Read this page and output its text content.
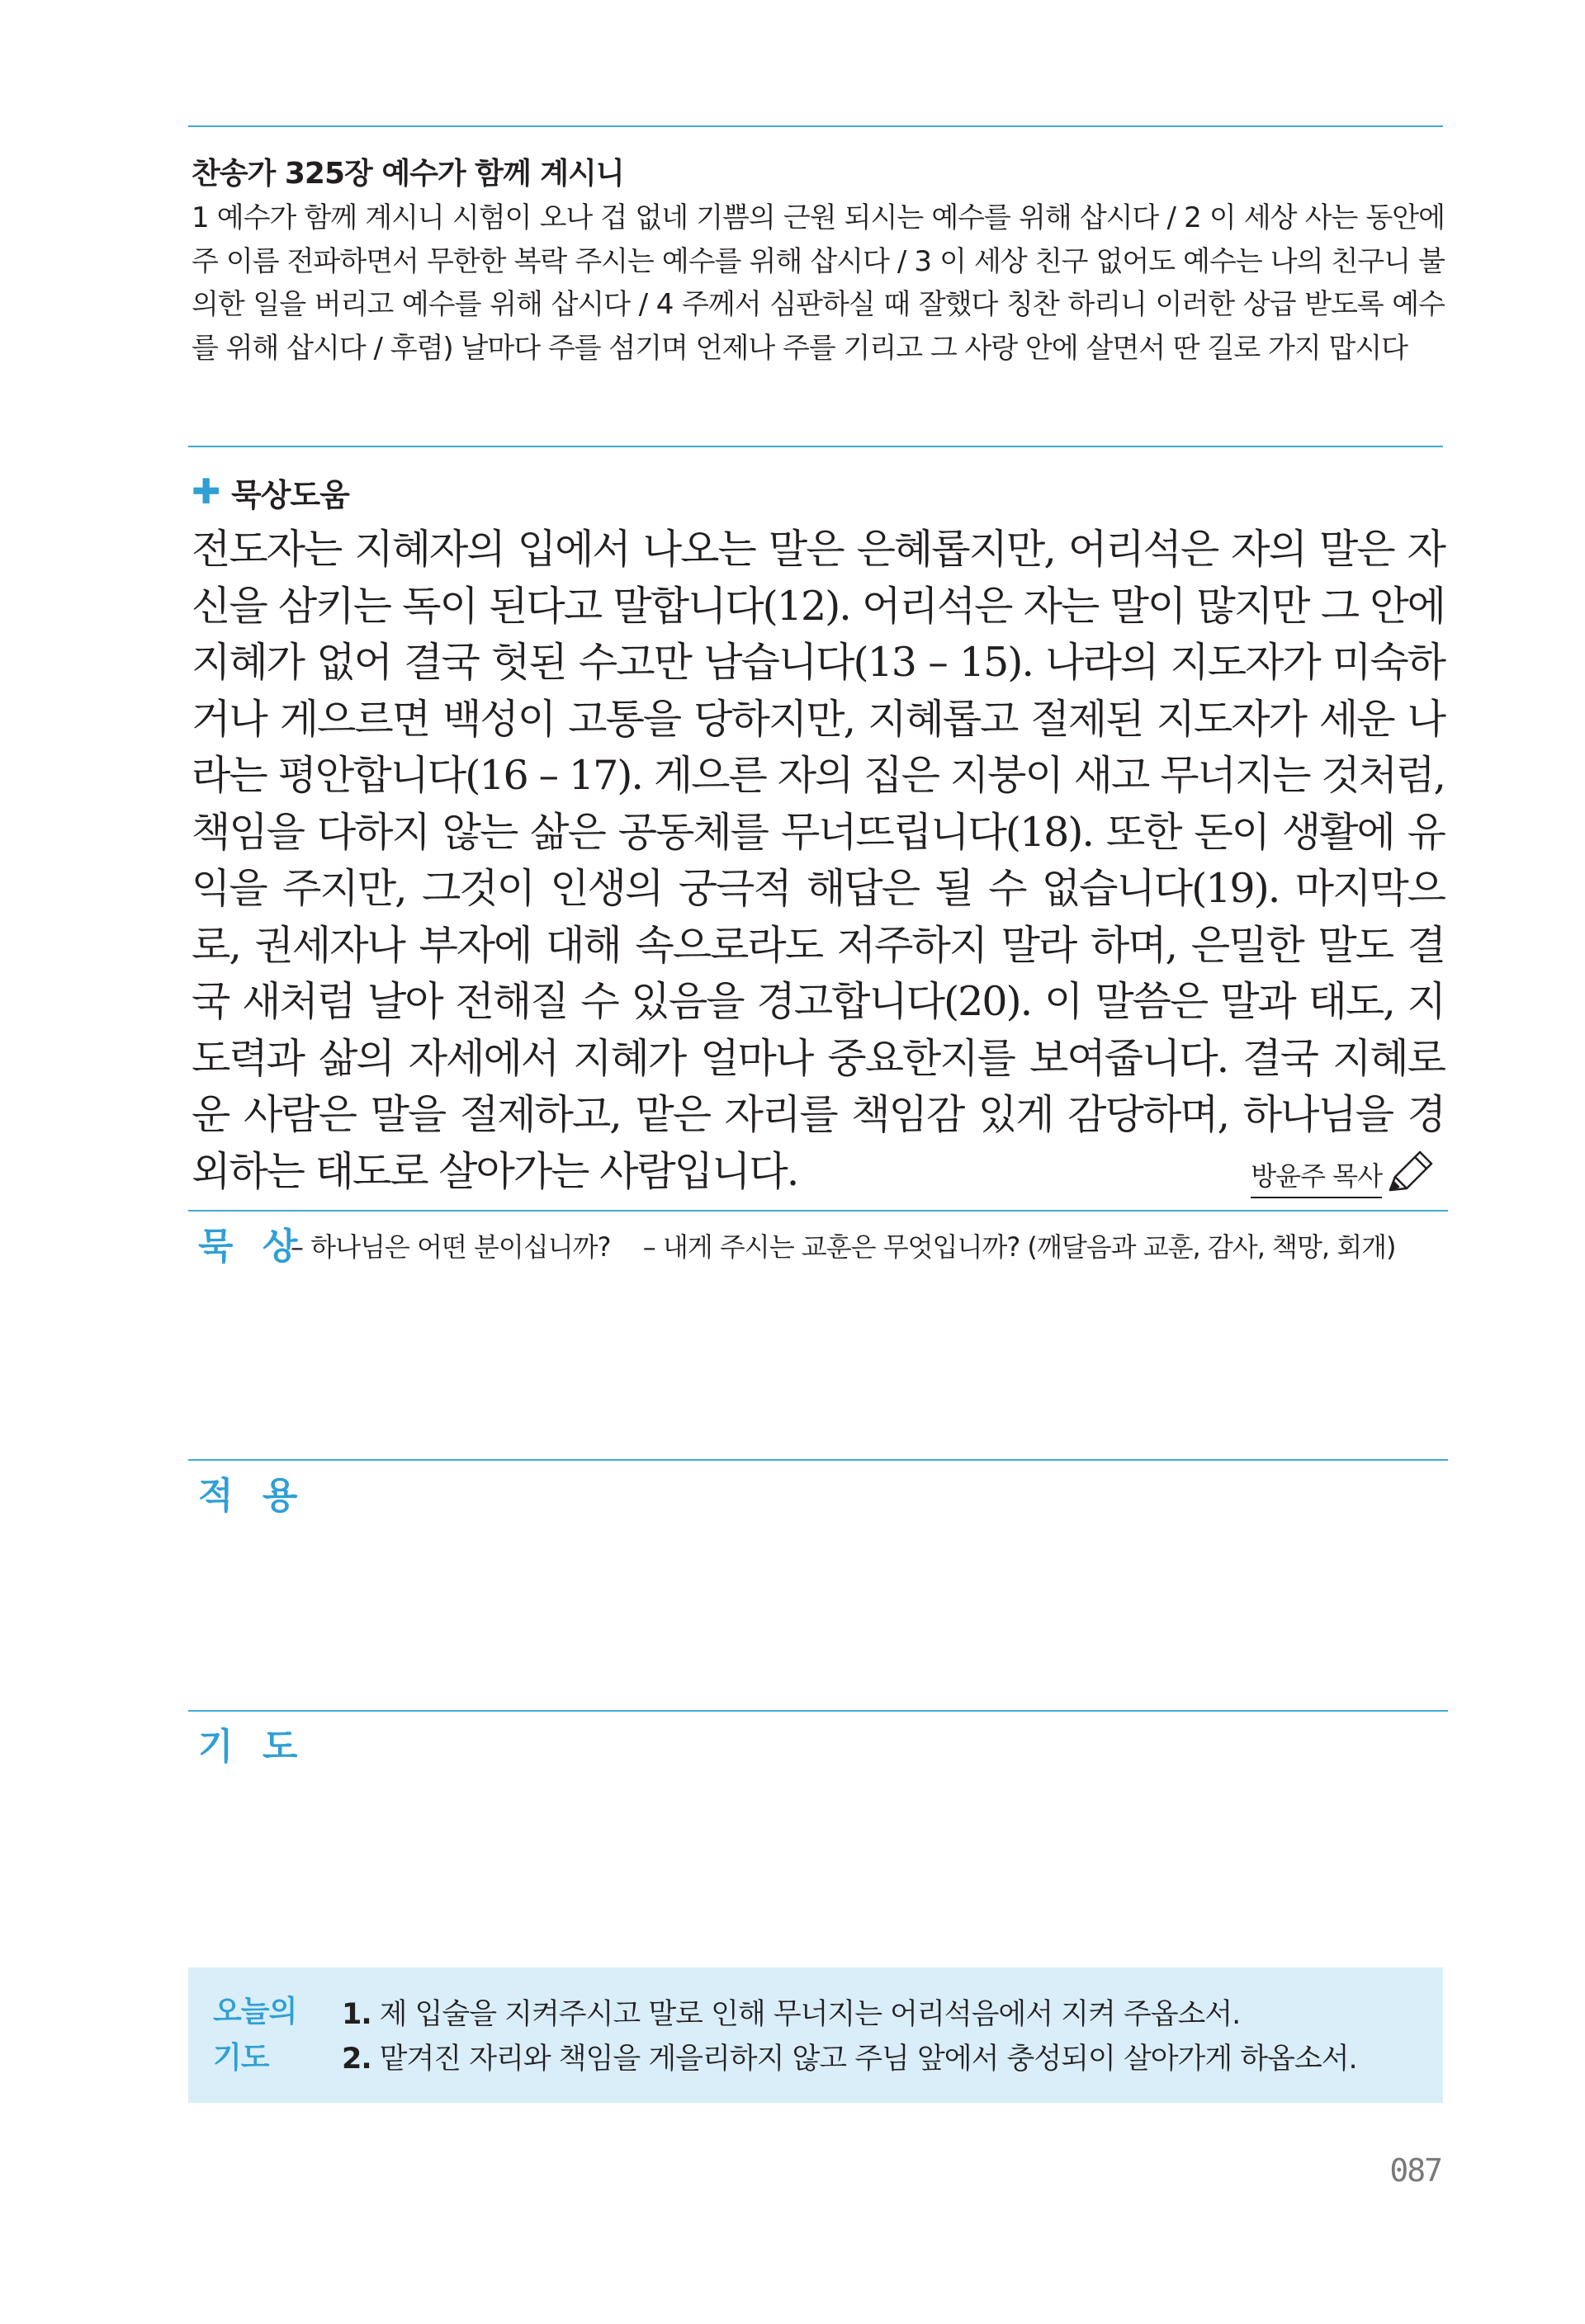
찬송가 325장 예수가 함께 계시니
1 예수가 함께 계시니 시험이 오나 겁 없네 기쁨의 근원 되시는 예수를 위해 삽시다 / 2 이 세상 사는 동안에 주 이름 전파하면서 무한한 복락 주시는 예수를 위해 삽시다 / 3 이 세상 친구 없어도 예수는 나의 친구니 불의한 일을 버리고 예수를 위해 삽시다 / 4 주께서 심판하실 때 잘했다 칭찬 하리니 이러한 상급 받도록 예수를 위해 삽시다 / 후렴) 날마다 주를 섬기며 언제나 주를 기리고 그 사랑 안에 살면서 딴 길로 가지 맙시다
✚ 묵상도움
전도자는 지혜자의 입에서 나오는 말은 은혜롭지만, 어리석은 자의 말은 자신을 삼키는 독이 된다고 말합니다(12). 어리석은 자는 말이 많지만 그 안에 지혜가 없어 결국 헛된 수고만 남습니다(13 – 15). 나라의 지도자가 미숙하거나 게으르면 백성이 고통을 당하지만, 지혜롭고 절제된 지도자가 세운 나라는 평안합니다(16 – 17). 게으른 자의 집은 지붕이 새고 무너지는 것처럼, 책임을 다하지 않는 삶은 공동체를 무너뜨립니다(18). 또한 돈이 생활에 유익을 주지만, 그것이 인생의 궁극적 해답은 될 수 없습니다(19). 마지막으로, 권세자나 부자에 대해 속으로라도 저주하지 말라 하며, 은밀한 말도 결국 새처럼 날아 전해질 수 있음을 경고합니다(20). 이 말씀은 말과 태도, 지도력과 삶의 자세에서 지혜가 얼마나 중요한지를 보여줍니다. 결국 지혜로운 사람은 말을 절제하고, 맡은 자리를 책임감 있게 감당하며, 하나님을 경외하는 태도로 살아가는 사람입니다.	방윤주 목사
묵 상
– 하나님은 어떤 분이십니까? – 내게 주시는 교훈은 무엇입니까? (깨달음과 교훈, 감사, 책망, 회개)
적 용
기 도
오늘의
기도
1. 제 입술을 지켜주시고 말로 인해 무너지는 어리석음에서 지켜 주옵소서.
2. 맡겨진 자리와 책임을 게을리하지 않고 주님 앞에서 충성되이 살아가게 하옵소서.
087
